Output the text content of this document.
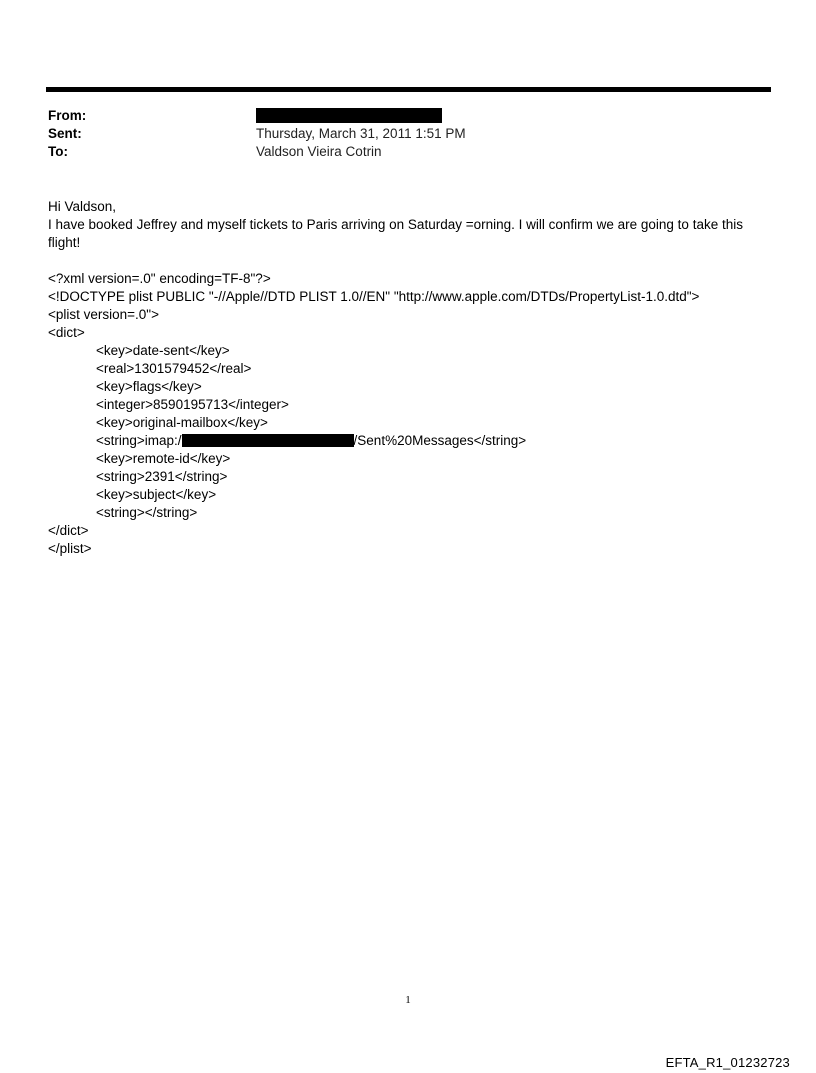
From:
Sent:	Thursday, March 31, 2011 1:51 PM
To:	Valdson Vieira Cotrin

Hi Valdson,

I have booked Jeffrey and myself tickets to Paris arriving on Saturday =orning. I will confirm we are going to take this flight!

<?xml version=.0" encoding=TF-8"?>
<!DOCTYPE plist PUBLIC "-//Apple//DTD PLIST 1.0//EN" "http://www.apple.com/DTDs/PropertyList-1.0.dtd">
<plist version=.0">
<dict>
<key>date-sent</key>
<real>1301579452</real>
<key>flags</key>
<integer>8590195713</integer>
<key>original-mailbox</key>
<string>imap:/	/Sent%20Messages</string>
<key>remote-id</key>
<string>2391</string>
<key>subject</key>
<string></string>
</dict>
</plist>
1
EFTA_R1_01232723
